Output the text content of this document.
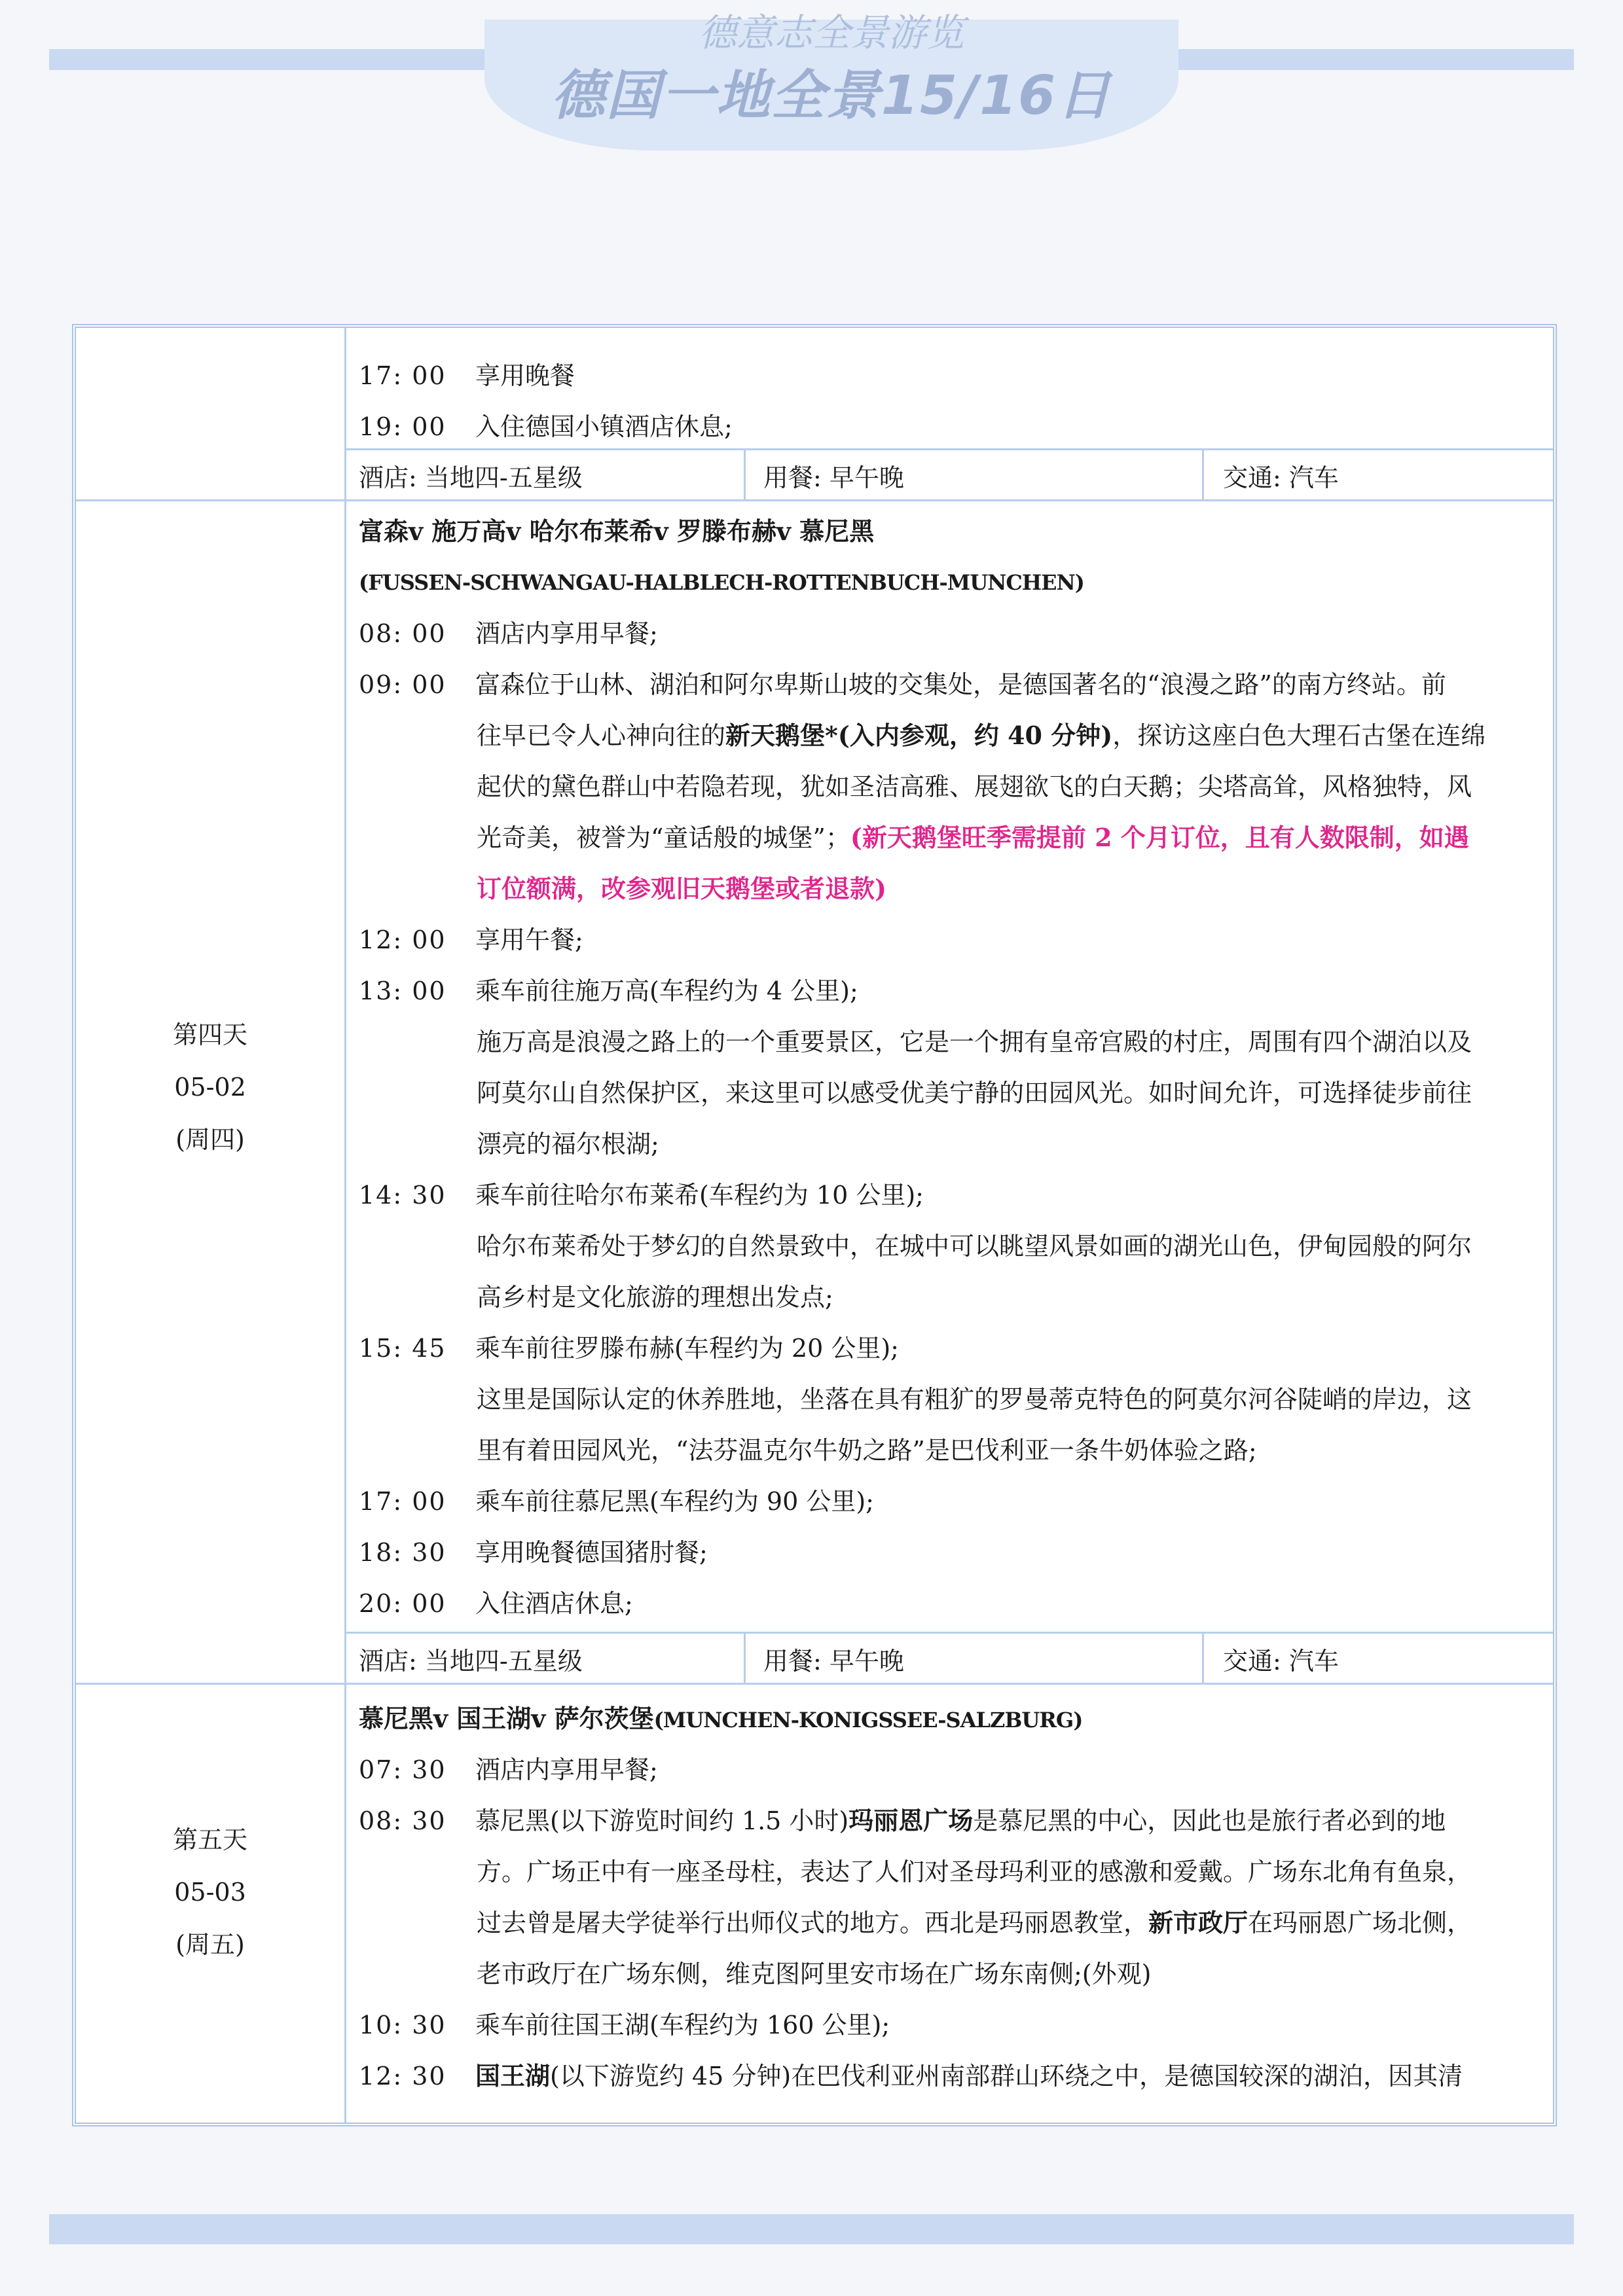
德意志全景游览
德国一地全景15/16日
17: 00 享用晚餐
19: 00 入住德国小镇酒店休息;
酒店: 当地四-五星级	用餐: 早午晚	交通: 汽车
第四天
05-02
(周四)
富森v 施万高v 哈尔布莱希v 罗滕布赫v 慕尼黑
(FUSSEN-SCHWANGAU-HALBLECH-ROTTENBUCH-MUNCHEN)
08: 00 酒店内享用早餐;
09: 00 富森位于山林、湖泊和阿尔卑斯山坡的交集处，是德国著名的“浪漫之路”的南方终站。前
往早已令人心神向往的新天鹅堡*(入内参观，约 40 分钟)，探访这座白色大理石古堡在连绵
起伏的黛色群山中若隐若现，犹如圣洁高雅、展翅欲飞的白天鹅；尖塔高耸，风格独特，风
光奇美，被誉为“童话般的城堡”；(新天鹅堡旺季需提前 2 个月订位，且有人数限制，如遇
订位额满，改参观旧天鹅堡或者退款)
12: 00 享用午餐;
13: 00 乘车前往施万高(车程约为 4 公里);
施万高是浪漫之路上的一个重要景区，它是一个拥有皇帝宫殿的村庄，周围有四个湖泊以及
阿莫尔山自然保护区，来这里可以感受优美宁静的田园风光。如时间允许，可选择徒步前往
漂亮的福尔根湖;
14: 30 乘车前往哈尔布莱希(车程约为 10 公里);
哈尔布莱希处于梦幻的自然景致中，在城中可以眺望风景如画的湖光山色，伊甸园般的阿尔
高乡村是文化旅游的理想出发点;
15: 45 乘车前往罗滕布赫(车程约为 20 公里);
这里是国际认定的休养胜地，坐落在具有粗犷的罗曼蒂克特色的阿莫尔河谷陡峭的岸边，这
里有着田园风光，“法芬温克尔牛奶之路”是巴伐利亚一条牛奶体验之路;
17: 00 乘车前往慕尼黑(车程约为 90 公里);
18: 30 享用晚餐德国猪肘餐;
20: 00 入住酒店休息;
酒店: 当地四-五星级	用餐: 早午晚	交通: 汽车
第五天
05-03
(周五)
慕尼黑v 国王湖v 萨尔茨堡(MUNCHEN-KONIGSSEE-SALZBURG)
07: 30 酒店内享用早餐;
08: 30 慕尼黑(以下游览时间约 1.5 小时)玛丽恩广场是慕尼黑的中心，因此也是旅行者必到的地
方。广场正中有一座圣母柱，表达了人们对圣母玛利亚的感激和爱戴。广场东北角有鱼泉，
过去曾是屠夫学徒举行出师仪式的地方。西北是玛丽恩教堂，新市政厅在玛丽恩广场北侧，
老市政厅在广场东侧，维克图阿里安市场在广场东南侧;(外观)
10: 30 乘车前往国王湖(车程约为 160 公里);
12: 30 国王湖(以下游览约 45 分钟)在巴伐利亚州南部群山环绕之中，是德国较深的湖泊，因其清
